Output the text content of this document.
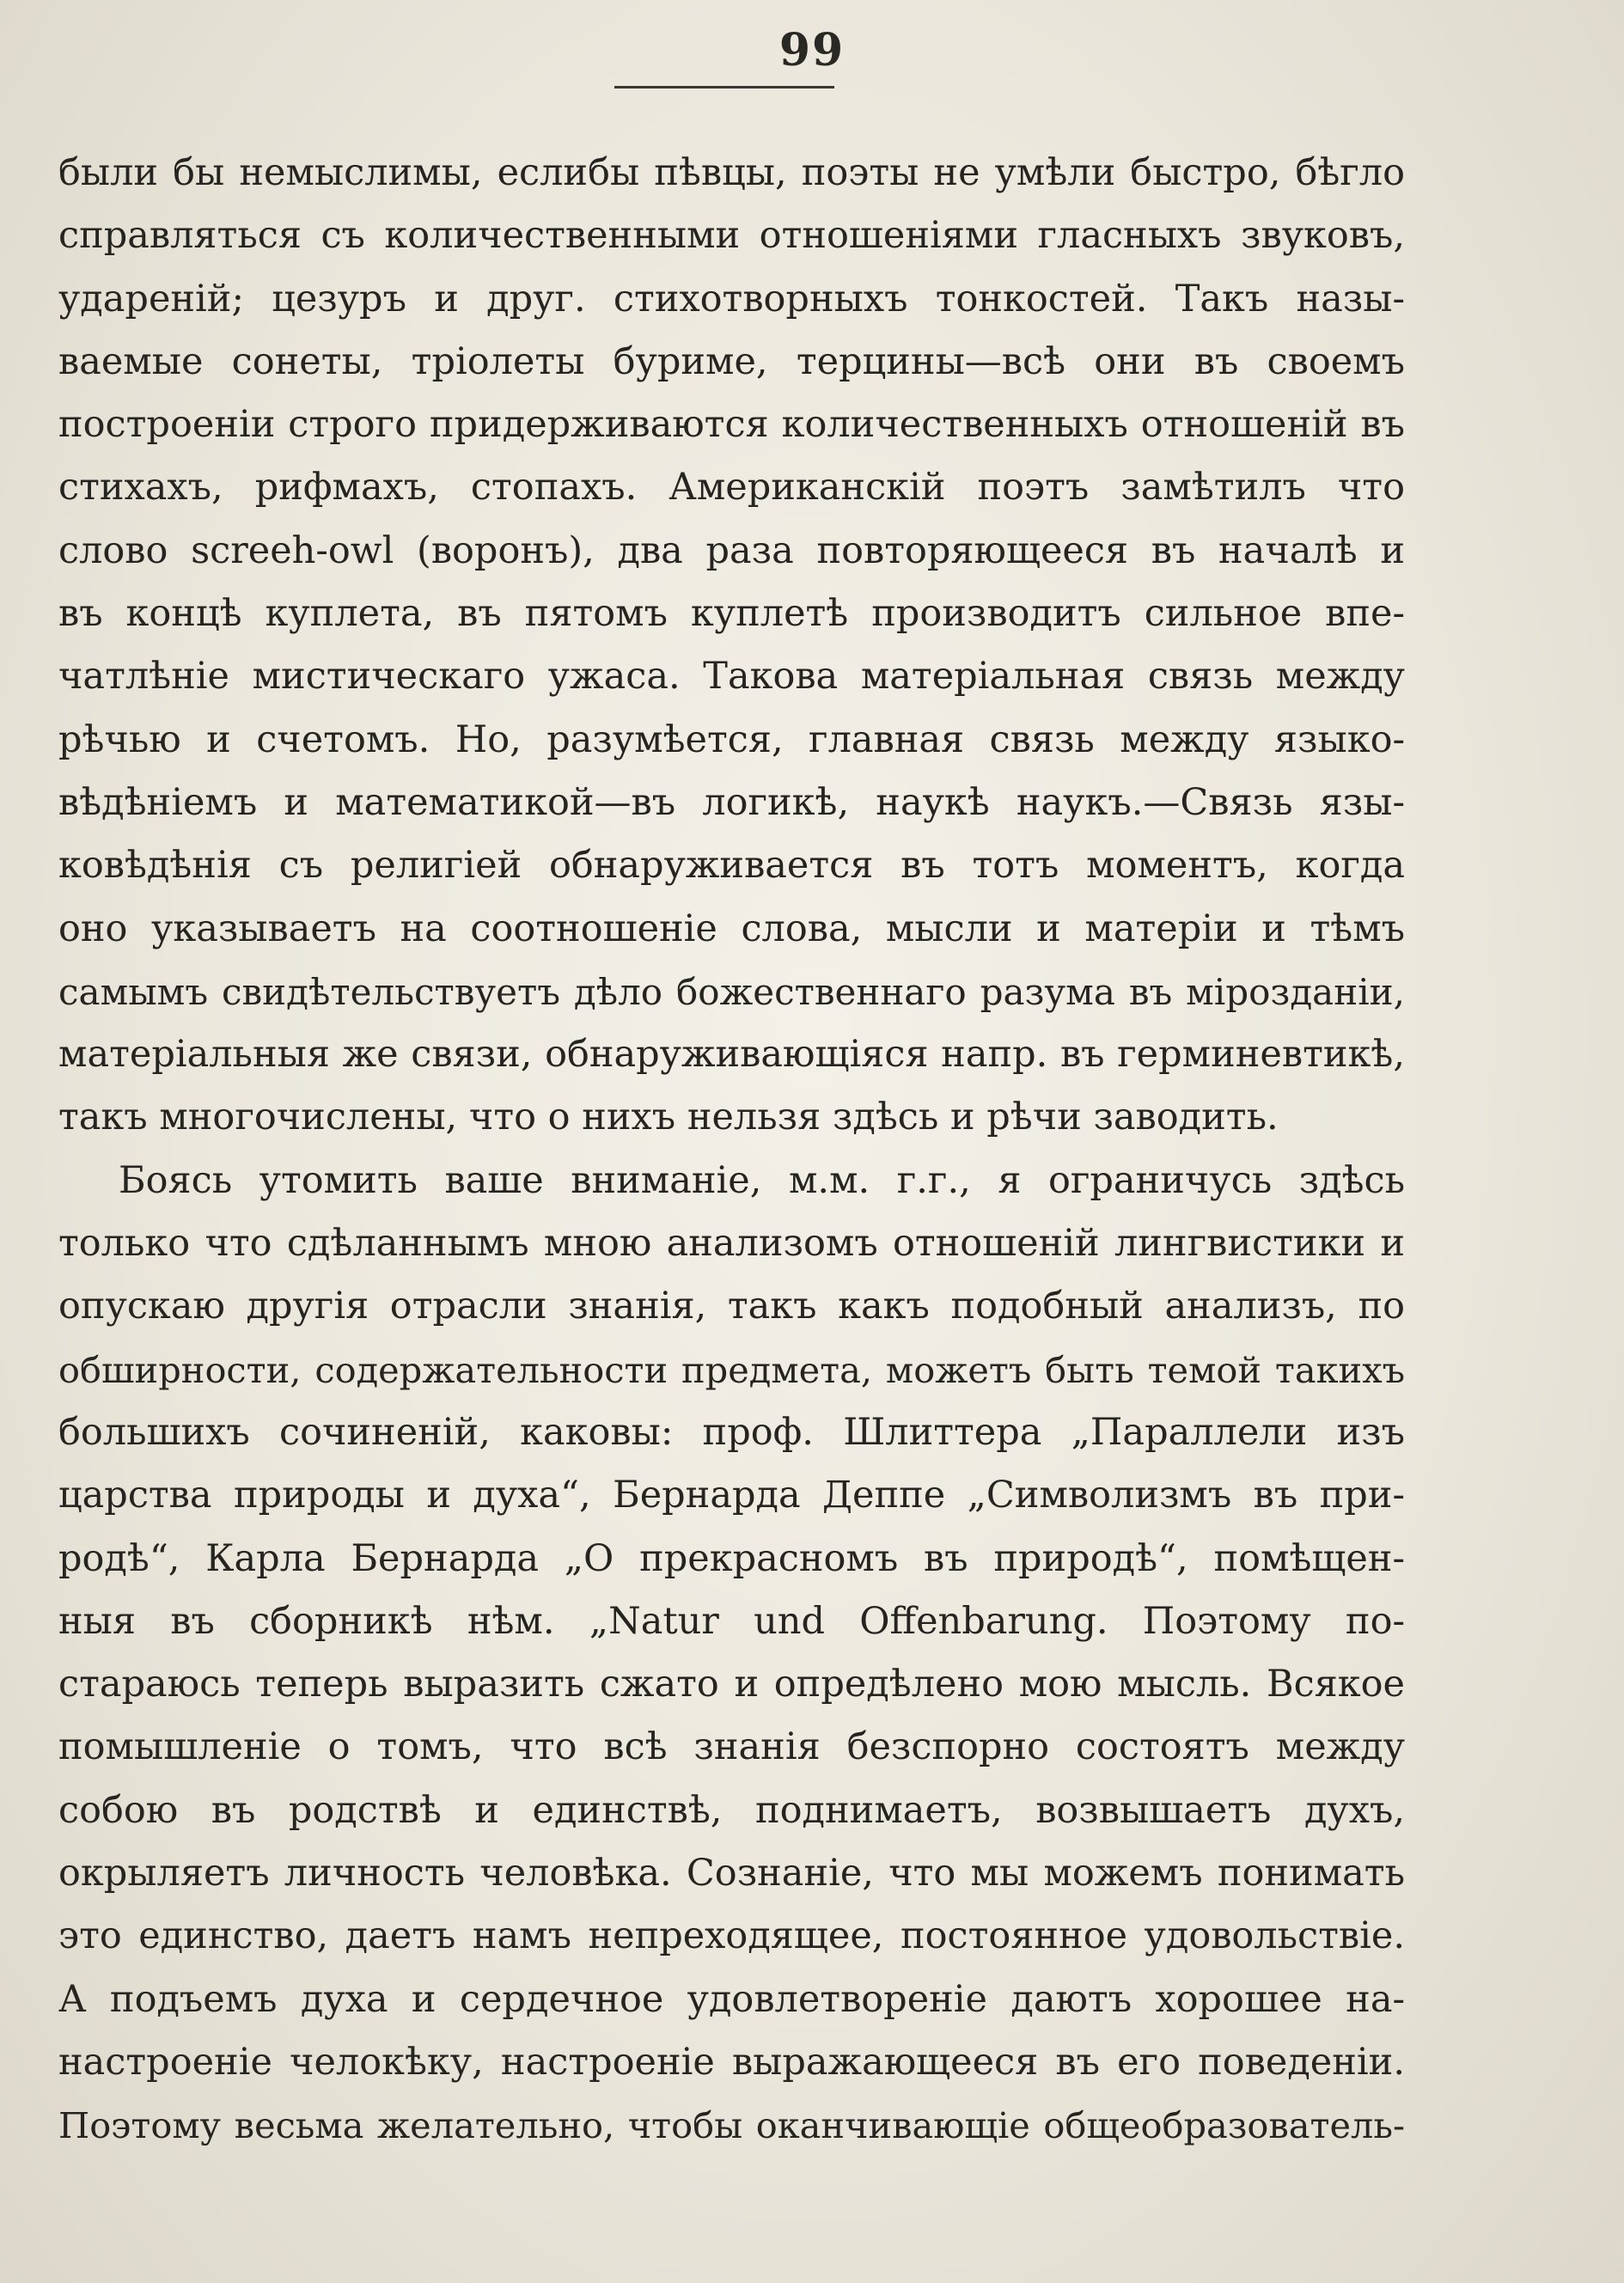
99
были бы немыслимы, еслибы пѣвцы, поэты не умѣли быстро, бѣгло
справляться съ количественными отношеніями гласныхъ звуковъ,
удареній; цезуръ и друг. стихотворныхъ тонкостей. Такъ назы-
ваемые сонеты, тріолеты буриме, терцины—всѣ они въ своемъ
построеніи строго придерживаются количественныхъ отношеній въ
стихахъ, рифмахъ, стопахъ. Американскій поэтъ замѣтилъ что
слово screeh-owl (воронъ), два раза повторяющееся въ началѣ и
въ концѣ куплета, въ пятомъ куплетѣ производитъ сильное впе-
чатлѣніе мистическаго ужаса. Такова матеріальная связь между
рѣчью и счетомъ. Но, разумѣется, главная связь между языко-
вѣдѣніемъ и математикой—въ логикѣ, наукѣ наукъ.—Связь язы-
ковѣдѣнія съ религіей обнаруживается въ тотъ моментъ, когда
оно указываетъ на соотношеніе слова, мысли и матеріи и тѣмъ
самымъ свидѣтельствуетъ дѣло божественнаго разума въ мірозданіи,
матеріальныя же связи, обнаруживающіяся напр. въ герминевтикѣ,
такъ многочислены, что о нихъ нельзя здѣсь и рѣчи заводить.
Боясь утомить ваше вниманіе, м.м. г.г., я ограничусь здѣсь
только что сдѣланнымъ мною анализомъ отношеній лингвистики и
опускаю другія отрасли знанія, такъ какъ подобный анализъ, по
обширности, содержательности предмета, можетъ быть темой такихъ
большихъ сочиненій, каковы: проф. Шлиттера „Параллели изъ
царства природы и духа“, Бернарда Деппе „Символизмъ въ при-
родѣ“, Карла Бернарда „О прекрасномъ въ природѣ“, помѣщен-
ныя въ сборникѣ нѣм. „Natur und Offenbarung. Поэтому по-
стараюсь теперь выразить сжато и опредѣлено мою мысль. Всякое
помышленіе о томъ, что всѣ знанія безспорно состоятъ между
собою въ родствѣ и единствѣ, поднимаетъ, возвышаетъ духъ,
окрыляетъ личность человѣка. Сознаніе, что мы можемъ понимать
это единство, даетъ намъ непреходящее, постоянное удовольствіе.
А подъемъ духа и сердечное удовлетвореніе даютъ хорошее на-
настроеніе челокѣку, настроеніе выражающееся въ его поведеніи.
Поэтому весьма желательно, чтобы оканчивающіе общеобразователь-
